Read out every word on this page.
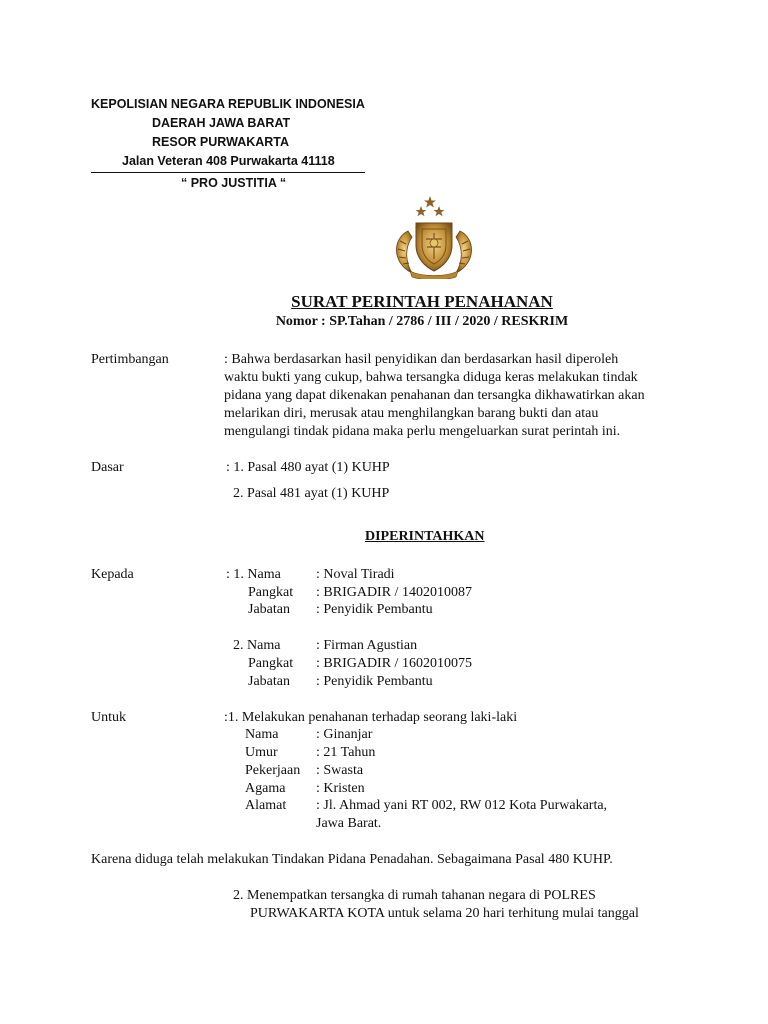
KEPOLISIAN NEGARA REPUBLIK INDONESIA
DAERAH JAWA BARAT
RESOR PURWAKARTA
Jalan Veteran 408 Purwakarta 41118
“ PRO JUSTITIA “
SURAT PERINTAH PENAHANAN
Nomor : SP.Tahan / 2786 / III / 2020 / RESKRIM
Pertimbangan	: Bahwa berdasarkan hasil penyidikan dan berdasarkan hasil diperoleh
waktu bukti yang cukup, bahwa tersangka diduga keras melakukan tindak
pidana yang dapat dikenakan penahanan dan tersangka dikhawatirkan akan
melarikan diri, merusak atau menghilangkan barang bukti dan atau
mengulangi tindak pidana maka perlu mengeluarkan surat perintah ini.
Dasar	: 1. Pasal 480 ayat (1) KUHP
2. Pasal 481 ayat (1) KUHP
DIPERINTAHKAN
Kepada	: 1. Nama	: Noval Tiradi
Pangkat : BRIGADIR / 1402010087
Jabatan : Penyidik Pembantu
2. Nama	: Firman Agustian
Pangkat : BRIGADIR / 1602010075
Jabatan : Penyidik Pembantu
Untuk	:1. Melakukan penahanan terhadap seorang laki-laki
Nama	: Ginanjar
Umur	: 21 Tahun
Pekerjaan : Swasta
Agama : Kristen
Alamat : Jl. Ahmad yani RT 002, RW 012 Kota Purwakarta,
Jawa Barat.
Karena diduga telah melakukan Tindakan Pidana Penadahan. Sebagaimana Pasal 480 KUHP.
2. Menempatkan tersangka di rumah tahanan negara di POLRES
PURWAKARTA KOTA untuk selama 20 hari terhitung mulai tanggal
